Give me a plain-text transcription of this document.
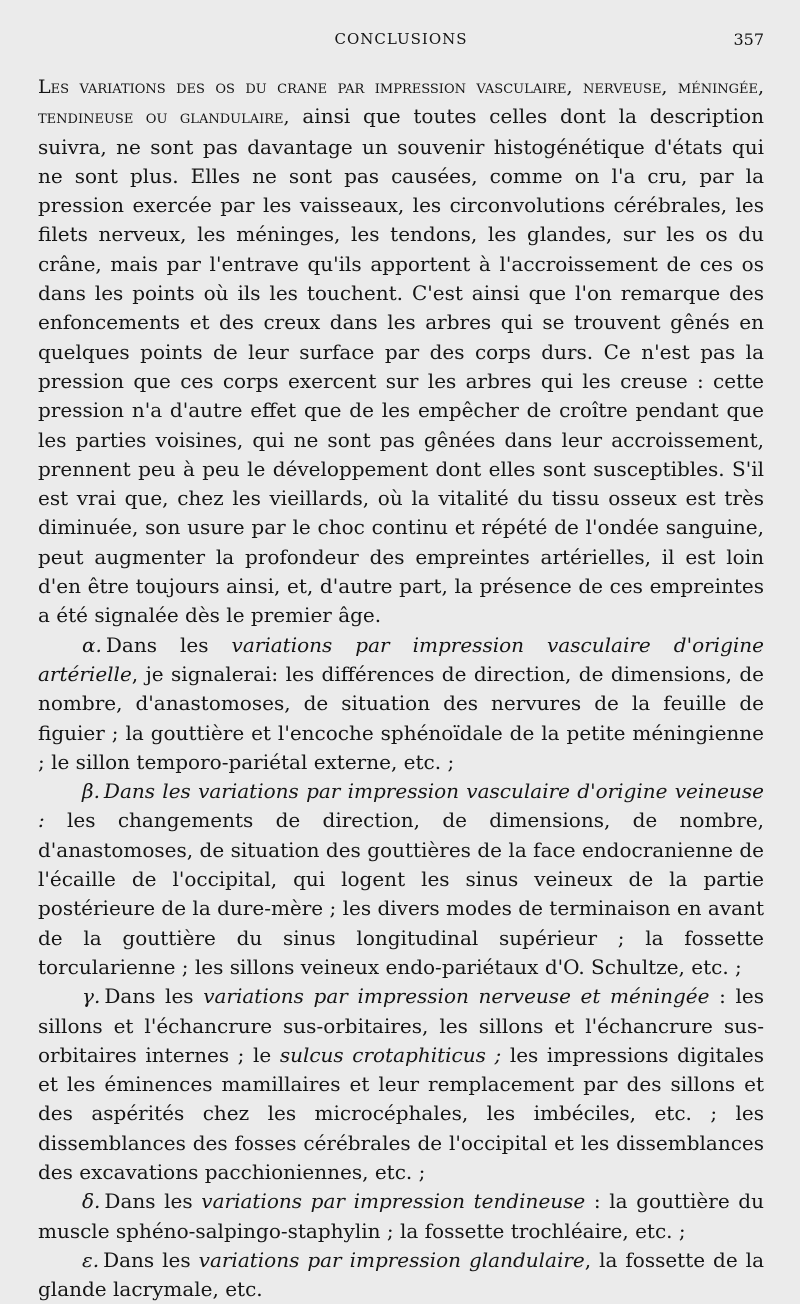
CONCLUSIONS	357

Les variations des os du crane par impression vasculaire, nerveuse, méningée, tendineuse ou glandulaire, ainsi que toutes celles dont la description suivra, ne sont pas davantage un souvenir histogénétique d'états qui ne sont plus. Elles ne sont pas causées, comme on l'a cru, par la pression exercée par les vaisseaux, les circonvolutions cérébrales, les filets nerveux, les méninges, les tendons, les glandes, sur les os du crâne, mais par l'entrave qu'ils apportent à l'accroissement de ces os dans les points où ils les touchent. C'est ainsi que l'on remarque des enfoncements et des creux dans les arbres qui se trouvent gênés en quelques points de leur surface par des corps durs. Ce n'est pas la pression que ces corps exercent sur les arbres qui les creuse : cette pression n'a d'autre effet que de les empêcher de croître pendant que les parties voisines, qui ne sont pas gênées dans leur accroissement, prennent peu à peu le développement dont elles sont susceptibles. S'il est vrai que, chez les vieillards, où la vitalité du tissu osseux est très diminuée, son usure par le choc continu et répété de l'ondée sanguine, peut augmenter la profondeur des empreintes artérielles, il est loin d'en être toujours ainsi, et, d'autre part, la présence de ces empreintes a été signalée dès le premier âge.

α. Dans les variations par impression vasculaire d'origine artérielle, je signalerai: les différences de direction, de dimensions, de nombre, d'anastomoses, de situation des nervures de la feuille de figuier ; la gouttière et l'encoche sphénoïdale de la petite méningienne ; le sillon temporo-pariétal externe, etc. ;

β. Dans les variations par impression vasculaire d'origine veineuse : les changements de direction, de dimensions, de nombre, d'anastomoses, de situation des gouttières de la face endocranienne de l'écaille de l'occipital, qui logent les sinus veineux de la partie postérieure de la dure-mère ; les divers modes de terminaison en avant de la gouttière du sinus longitudinal supérieur ; la fossette torcularienne ; les sillons veineux endo-pariétaux d'O. Schultze, etc. ;

γ. Dans les variations par impression nerveuse et méningée : les sillons et l'échancrure sus-orbitaires, les sillons et l'échancrure sus-orbitaires internes ; le sulcus crotaphiticus ; les impressions digitales et les éminences mamillaires et leur remplacement par des sillons et des aspérités chez les microcéphales, les imbéciles, etc. ; les dissemblances des fosses cérébrales de l'occipital et les dissemblances des excavations pacchioniennes, etc. ;

δ. Dans les variations par impression tendineuse : la gouttière du muscle sphéno-salpingo-staphylin ; la fossette trochléaire, etc. ;

ε. Dans les variations par impression glandulaire, la fossette de la glande lacrymale, etc.
